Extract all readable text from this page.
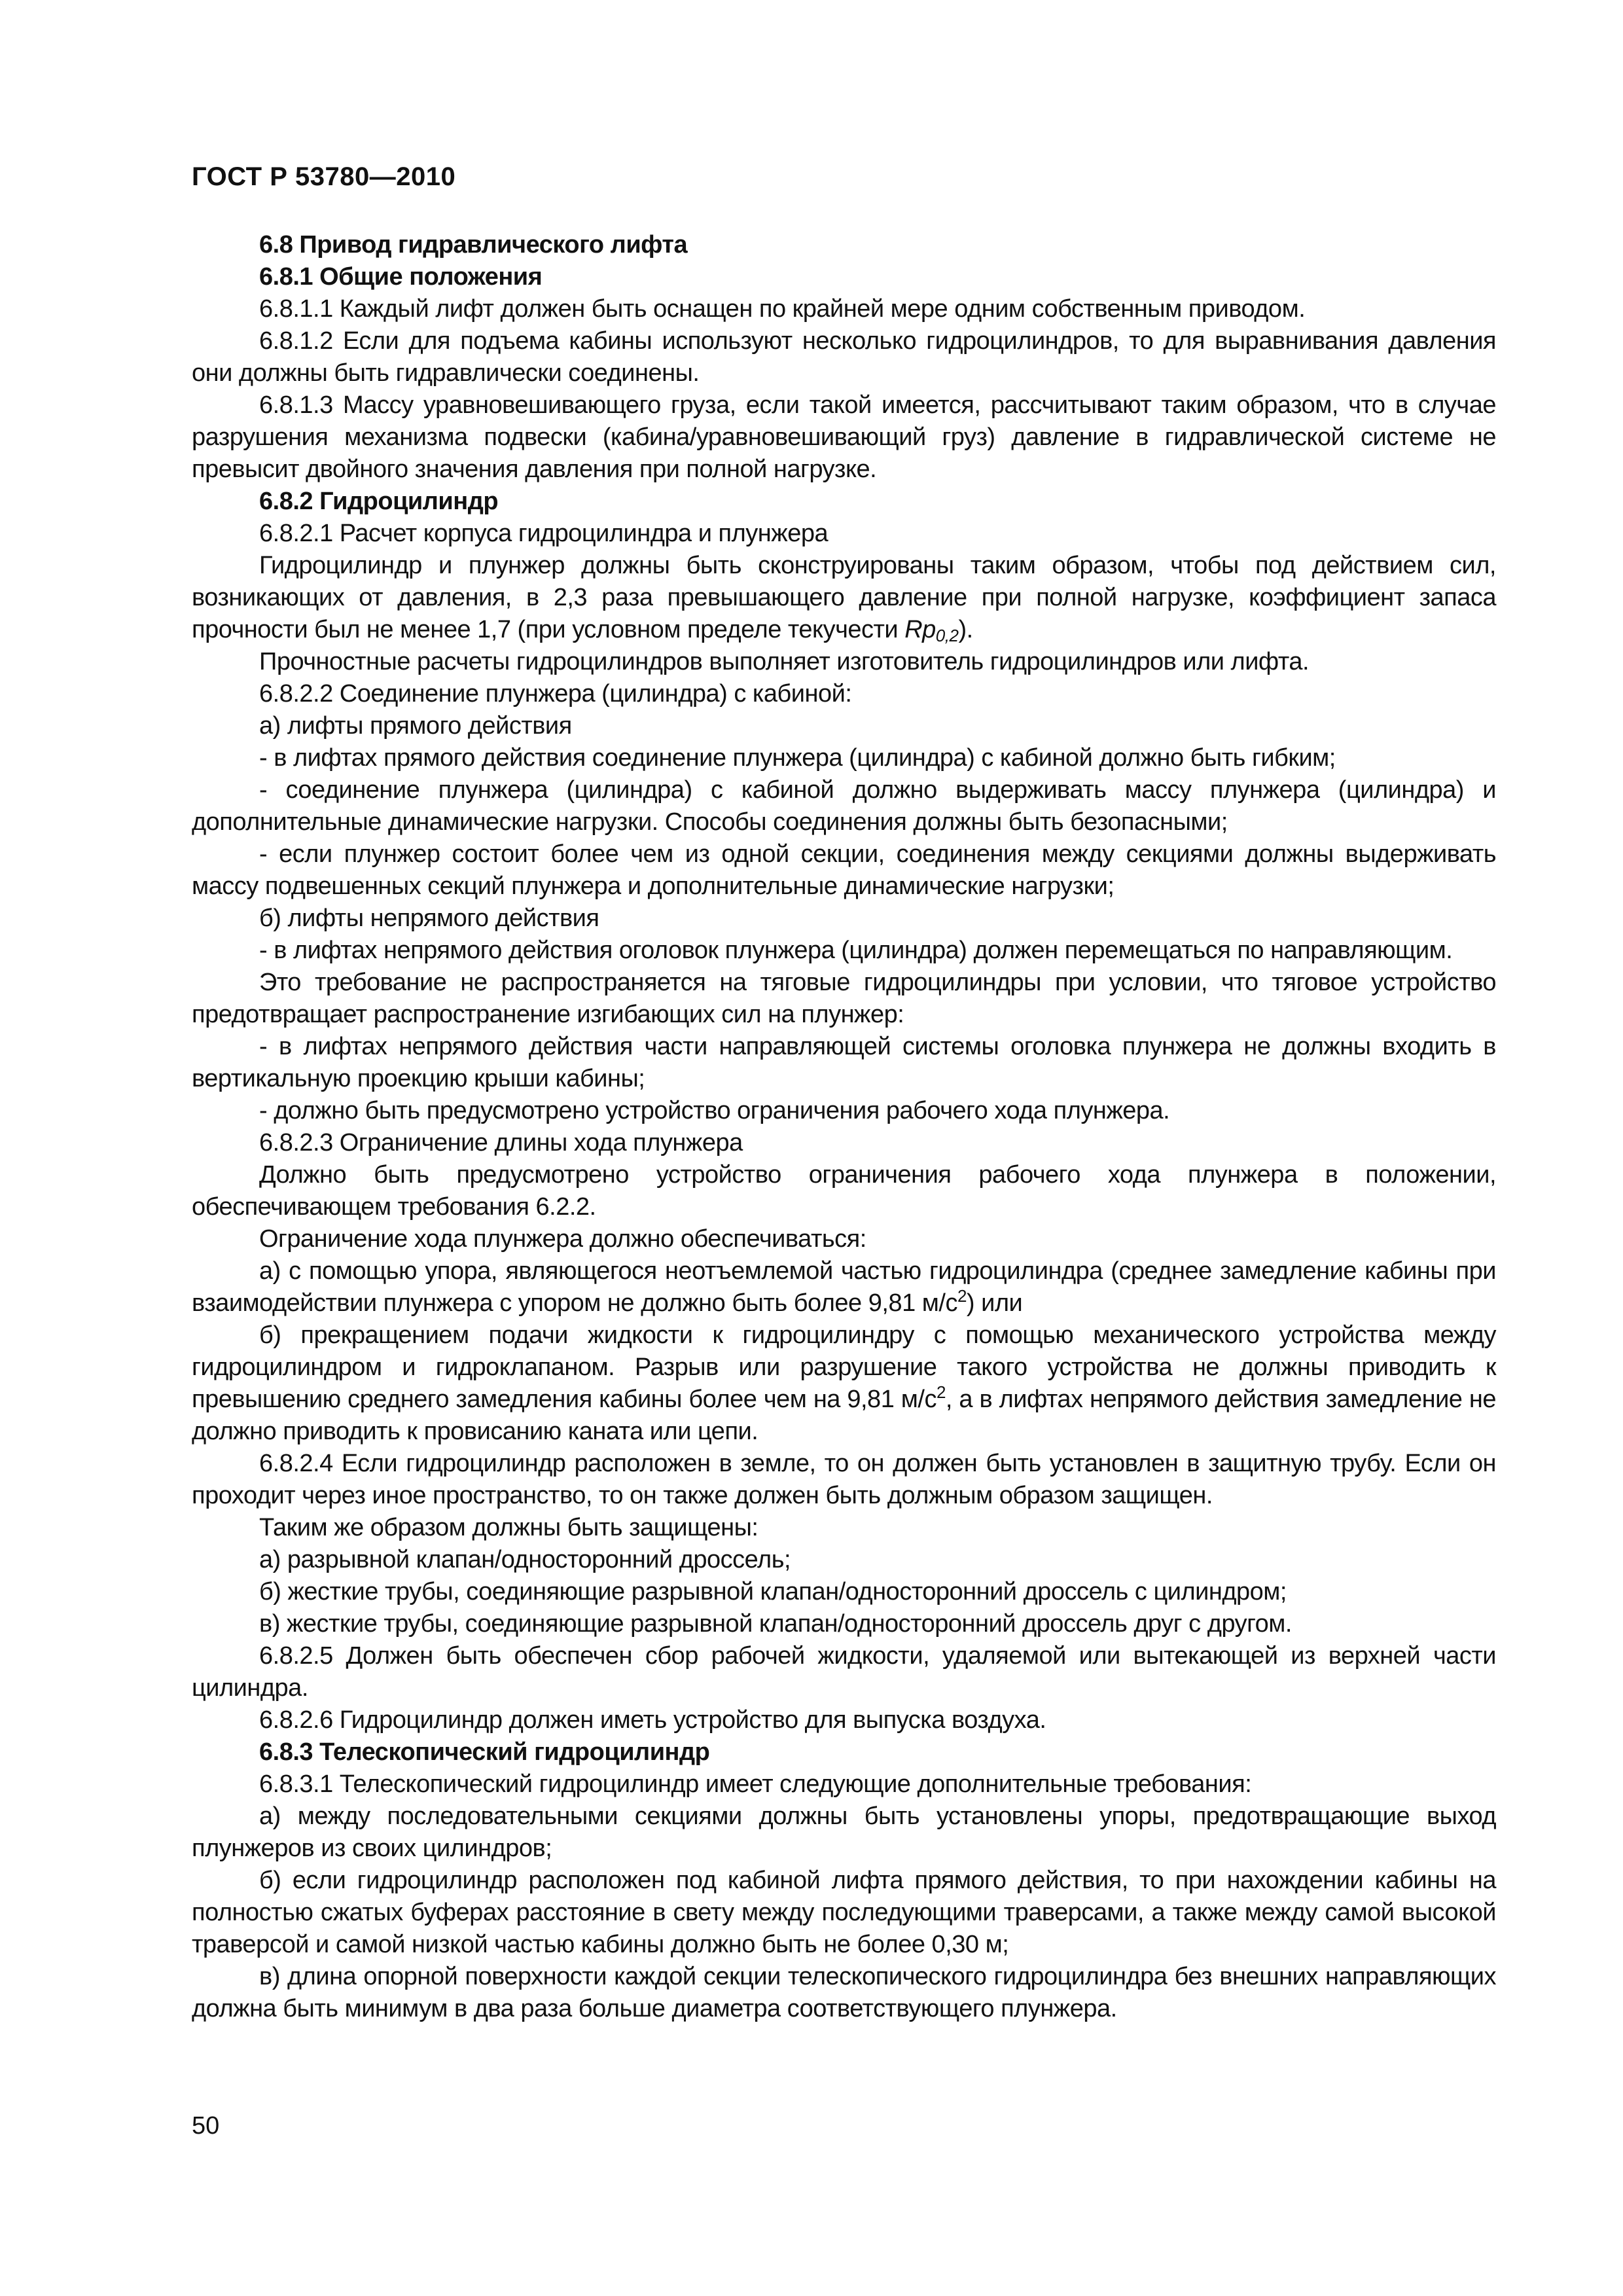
ГОСТ Р 53780—2010

6.8 Привод гидравлического лифта

6.8.1 Общие положения

6.8.1.1 Каждый лифт должен быть оснащен по крайней мере одним собственным приводом.

6.8.1.2 Если для подъема кабины используют несколько гидроцилиндров, то для выравнивания давления они должны быть гидравлически соединены.

6.8.1.3 Массу уравновешивающего груза, если такой имеется, рассчитывают таким образом, что в случае разрушения механизма подвески (кабина/уравновешивающий груз) давление в гидравлической системе не превысит двойного значения давления при полной нагрузке.

6.8.2 Гидроцилиндр

6.8.2.1 Расчет корпуса гидроцилиндра и плунжера

Гидроцилиндр и плунжер должны быть сконструированы таким образом, чтобы под действием сил, возникающих от давления, в 2,3 раза превышающего давление при полной нагрузке, коэффициент запаса прочности был не менее 1,7 (при условном пределе текучести $Rp_{0,2}$).

Прочностные расчеты гидроцилиндров выполняет изготовитель гидроцилиндров или лифта.

6.8.2.2 Соединение плунжера (цилиндра) с кабиной:

а) лифты прямого действия

- в лифтах прямого действия соединение плунжера (цилиндра) с кабиной должно быть гибким;

- соединение плунжера (цилиндра) с кабиной должно выдерживать массу плунжера (цилиндра) и дополнительные динамические нагрузки. Способы соединения должны быть безопасными;

- если плунжер состоит более чем из одной секции, соединения между секциями должны выдерживать массу подвешенных секций плунжера и дополнительные динамические нагрузки;

б) лифты непрямого действия

- в лифтах непрямого действия оголовок плунжера (цилиндра) должен перемещаться по направляющим.

Это требование не распространяется на тяговые гидроцилиндры при условии, что тяговое устройство предотвращает распространение изгибающих сил на плунжер:

- в лифтах непрямого действия части направляющей системы оголовка плунжера не должны входить в вертикальную проекцию крыши кабины;

- должно быть предусмотрено устройство ограничения рабочего хода плунжера.

6.8.2.3 Ограничение длины хода плунжера

Должно быть предусмотрено устройство ограничения рабочего хода плунжера в положении, обеспечивающем требования 6.2.2.

Ограничение хода плунжера должно обеспечиваться:

а) с помощью упора, являющегося неотъемлемой частью гидроцилиндра (среднее замедление кабины при взаимодействии плунжера с упором не должно быть более 9,81 $м/с^2$) или

б) прекращением подачи жидкости к гидроцилиндру с помощью механического устройства между гидроцилиндром и гидроклапаном. Разрыв или разрушение такого устройства не должны приводить к превышению среднего замедления кабины более чем на 9,81 $м/с^2$, а в лифтах непрямого действия замедление не должно приводить к провисанию каната или цепи.

6.8.2.4 Если гидроцилиндр расположен в земле, то он должен быть установлен в защитную трубу. Если он проходит через иное пространство, то он также должен быть должным образом защищен.

Таким же образом должны быть защищены:

а) разрывной клапан/односторонний дроссель;

б) жесткие трубы, соединяющие разрывной клапан/односторонний дроссель с цилиндром;

в) жесткие трубы, соединяющие разрывной клапан/односторонний дроссель друг с другом.

6.8.2.5 Должен быть обеспечен сбор рабочей жидкости, удаляемой или вытекающей из верхней части цилиндра.

6.8.2.6 Гидроцилиндр должен иметь устройство для выпуска воздуха.

6.8.3 Телескопический гидроцилиндр

6.8.3.1 Телескопический гидроцилиндр имеет следующие дополнительные требования:

а) между последовательными секциями должны быть установлены упоры, предотвращающие выход плунжеров из своих цилиндров;

б) если гидроцилиндр расположен под кабиной лифта прямого действия, то при нахождении кабины на полностью сжатых буферах расстояние в свету между последующими траверсами, а также между самой высокой траверсой и самой низкой частью кабины должно быть не более 0,30 м;

в) длина опорной поверхности каждой секции телескопического гидроцилиндра без внешних направляющих должна быть минимум в два раза больше диаметра соответствующего плунжера.

50
